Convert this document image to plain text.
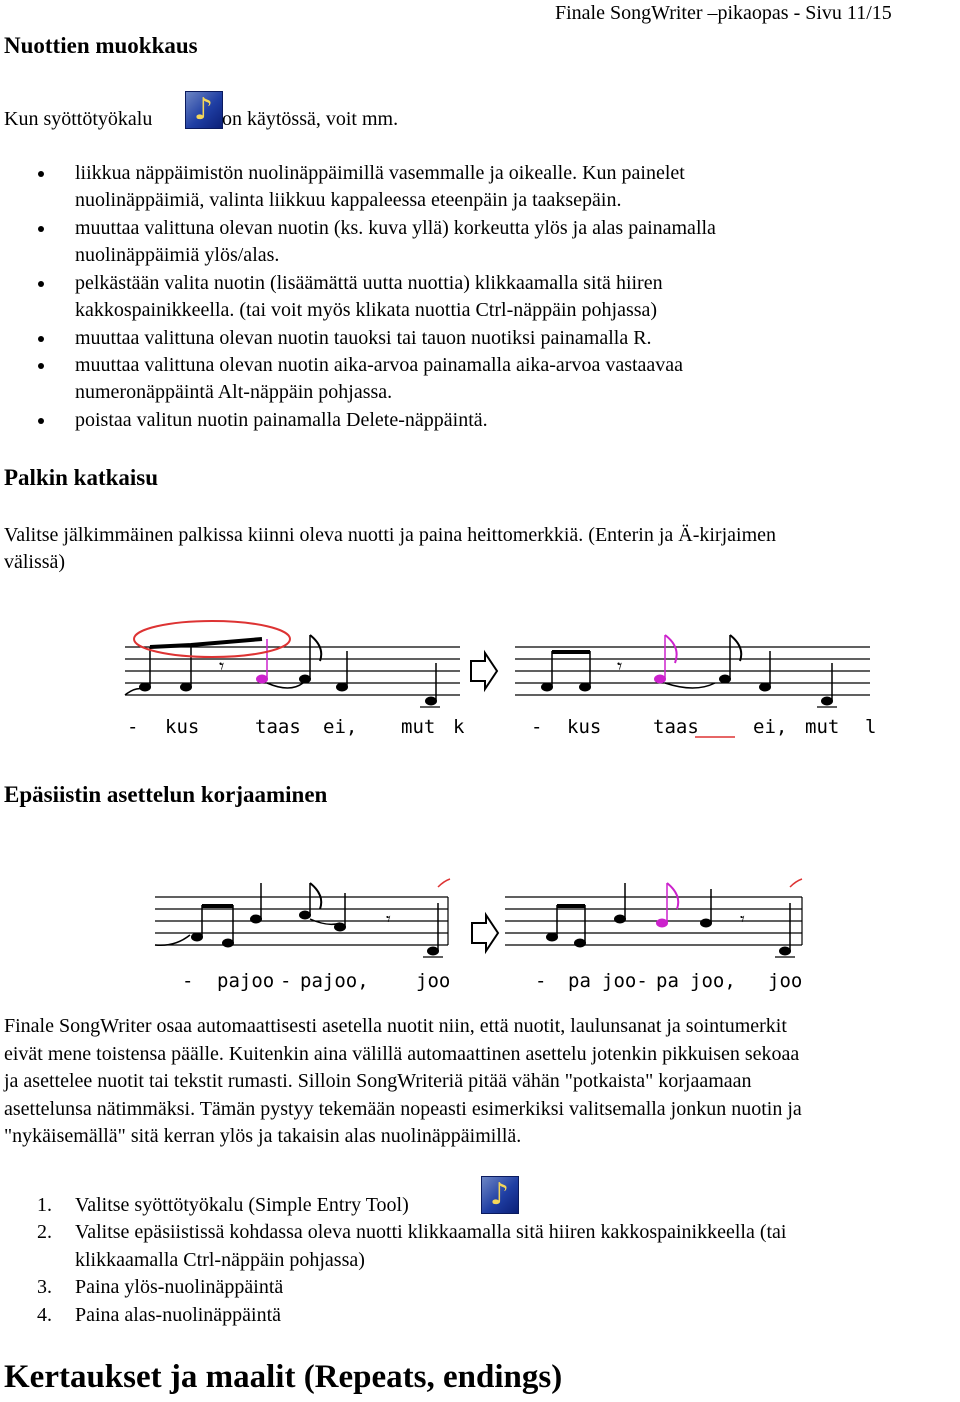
Finale SongWriter –pikaopas - Sivu 11/15
Nuottien muokkaus
Kun syöttötyökalu ♪ on käytössä, voit mm.
liikkua näppäimistön nuolinäppäimillä vasemmalle ja oikealle. Kun painelet
nuolinäppäimiä, valinta liikkuu kappaleessa eteenpäin ja taaksepäin.
muuttaa valittuna olevan nuotin (ks. kuva yllä) korkeutta ylös ja alas painamalla
nuolinäppäimiä ylös/alas.
pelkästään valita nuotin (lisäämättä uutta nuottia) klikkaamalla sitä hiiren
kakkospainikkeella. (tai voit myös klikata nuottia Ctrl-näppäin pohjassa)
muuttaa valittuna olevan nuotin tauoksi tai tauon nuotiksi painamalla R.
muuttaa valittuna olevan nuotin aika-arvoa painamalla aika-arvoa vastaavaa
numeronäppäintä Alt-näppäin pohjassa.
poistaa valitun nuotin painamalla Delete-näppäintä.
Palkin katkaisu
Valitse jälkimmäinen palkissa kiinni oleva nuotti ja paina heittomerkkiä. (Enterin ja Ä-kirjaimen
välissä)
𝄾	𝄾
- kus	taas ei, mut k	- kus	taas	ei, mut l
Epäsiistin asettelun korjaaminen
𝄾	𝄾
- pajoo - pajoo, joo	- pa joo- pa joo, joo
Finale SongWriter osaa automaattisesti asetella nuotit niin, että nuotit, laulunsanat ja sointumerkit
eivät mene toistensa päälle. Kuitenkin aina välillä automaattinen asettelu jotenkin pikkuisen sekoaa
ja asettelee nuotit tai tekstit rumasti. Silloin SongWriteriä pitää vähän "potkaista" korjaamaan
asettelunsa nätimmäksi. Tämän pystyy tekemään nopeasti esimerkiksi valitsemalla jonkun nuotin ja
"nykäisemällä" sitä kerran ylös ja takaisin alas nuolinäppäimillä.
1. Valitse syöttötyökalu (Simple Entry Tool)	♪
2. Valitse epäsiistissä kohdassa oleva nuotti klikkaamalla sitä hiiren kakkospainikkeella (tai
klikkaamalla Ctrl-näppäin pohjassa)
3. Paina ylös-nuolinäppäintä
4. Paina alas-nuolinäppäintä
Kertaukset ja maalit (Repeats, endings)
